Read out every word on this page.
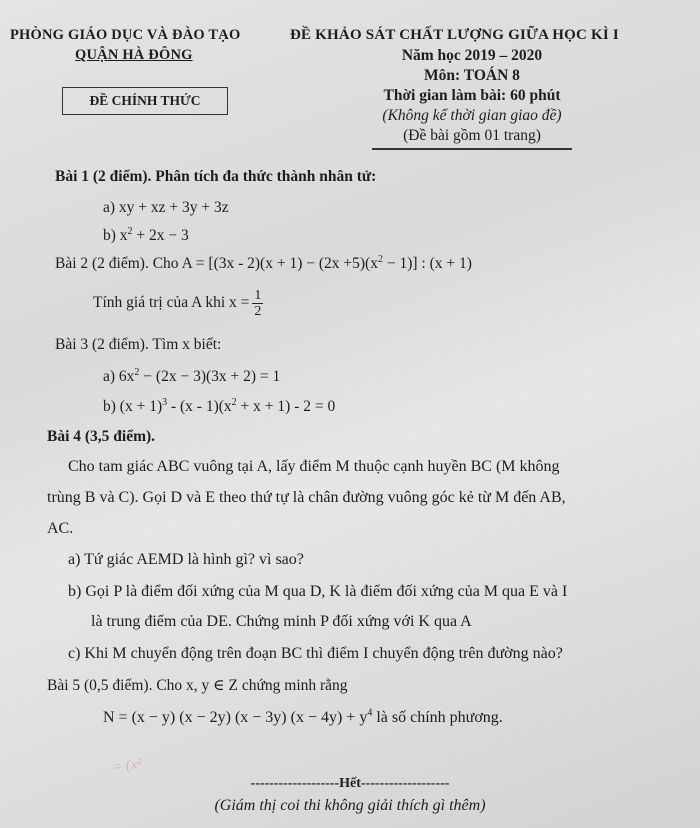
PHÒNG GIÁO DỤC VÀ ĐÀO TẠO
QUẬN HÀ ĐÔNG
ĐỀ CHÍNH THỨC
ĐỀ KHẢO SÁT CHẤT LƯỢNG GIỮA HỌC KÌ I
Năm học 2019 – 2020
Môn: TOÁN 8
Thời gian làm bài: 60 phút
(Không kể thời gian giao đề)
(Đề bài gồm 01 trang)
Bài 1 (2 điểm). Phân tích đa thức thành nhân tử:
a) xy + xz + 3y + 3z
b) $x^2 + 2x - 3$
Bài 2 (2 điểm). Cho $A = [(3x - 2)(x + 1) - (2x +5)(x^2 - 1)]$ : (x + 1)
Tính giá trị của A khi $x = \frac{1}{2}$
Bài 3 (2 điểm). Tìm x biết:
a) $6x^2 - (2x - 3)(3x + 2) = 1$
b) $(x + 1)^3 - (x - 1)(x^2 + x + 1) - 2 = 0$
Bài 4 (3,5 điểm).
Cho tam giác ABC vuông tại A, lấy điểm M thuộc cạnh huyền BC (M không
trùng B và C). Gọi D và E theo thứ tự là chân đường vuông góc kẻ từ M đến AB,
AC.
a) Tứ giác AEMD là hình gì? vì sao?
b) Gọi P là điểm đối xứng của M qua D, K là điểm đối xứng của M qua E và I
là trung điểm của DE. Chứng minh P đối xứng với K qua A
c) Khi M chuyển động trên đoạn BC thì điểm I chuyển động trên đường nào?
Bài 5 (0,5 điểm). Cho x, y ∈ Z chứng minh rằng
N = (x − y) (x − 2y) (x − 3y) $(x - 4y) + y^4$ là số chính phương.
= (x²
-------------------Hết-------------------
(Giám thị coi thi không giải thích gì thêm)
